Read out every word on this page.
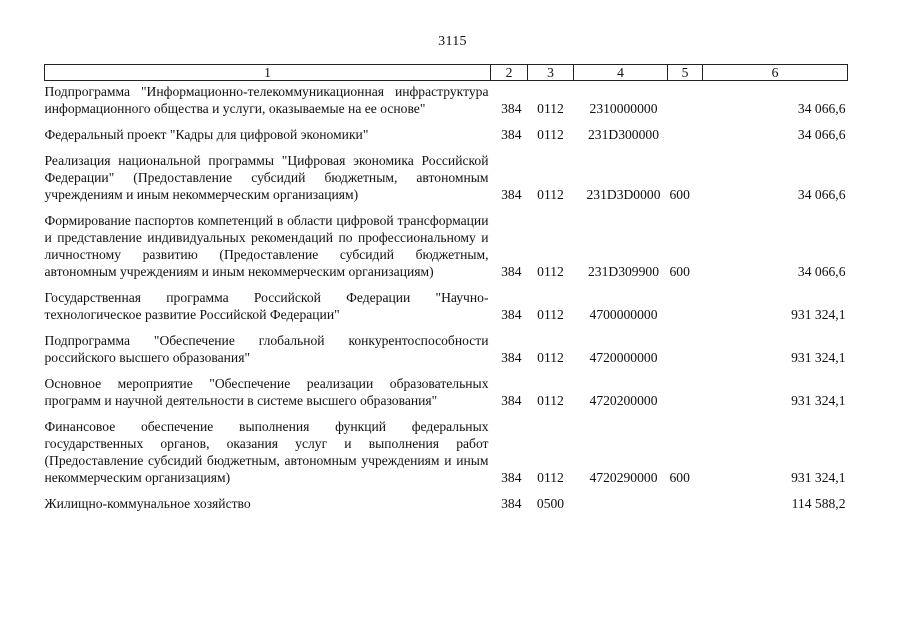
3115
1	2	3	4	5	6
Подпрограмма "Информационно-телекоммуникационная инфраструктура информационного общества и услуги, оказываемые на ее основе"	384	0112	2310000000		34 066,6
Федеральный проект "Кадры для цифровой экономики"	384	0112	231D300000		34 066,6
Реализация национальной программы "Цифровая экономика Российской Федерации" (Предоставление субсидий бюджетным, автономным учреждениям и иным некоммерческим организациям)	384	0112	231D3D0000	600	34 066,6
Формирование паспортов компетенций в области цифровой трансформации и представление индивидуальных рекомендаций по профессиональному и личностному развитию (Предоставление субсидий бюджетным, автономным учреждениям и иным некоммерческим организациям)	384	0112	231D309900	600	34 066,6
Государственная программа Российской Федерации "Научно-технологическое развитие Российской Федерации"	384	0112	4700000000		931 324,1
Подпрограмма "Обеспечение глобальной конкурентоспособности российского высшего образования"	384	0112	4720000000		931 324,1
Основное мероприятие "Обеспечение реализации образовательных программ и научной деятельности в системе высшего образования"	384	0112	4720200000		931 324,1
Финансовое обеспечение выполнения функций федеральных государственных органов, оказания услуг и выполнения работ (Предоставление субсидий бюджетным, автономным учреждениям и иным некоммерческим организациям)	384	0112	4720290000	600	931 324,1
Жилищно-коммунальное хозяйство	384	0500			114 588,2
